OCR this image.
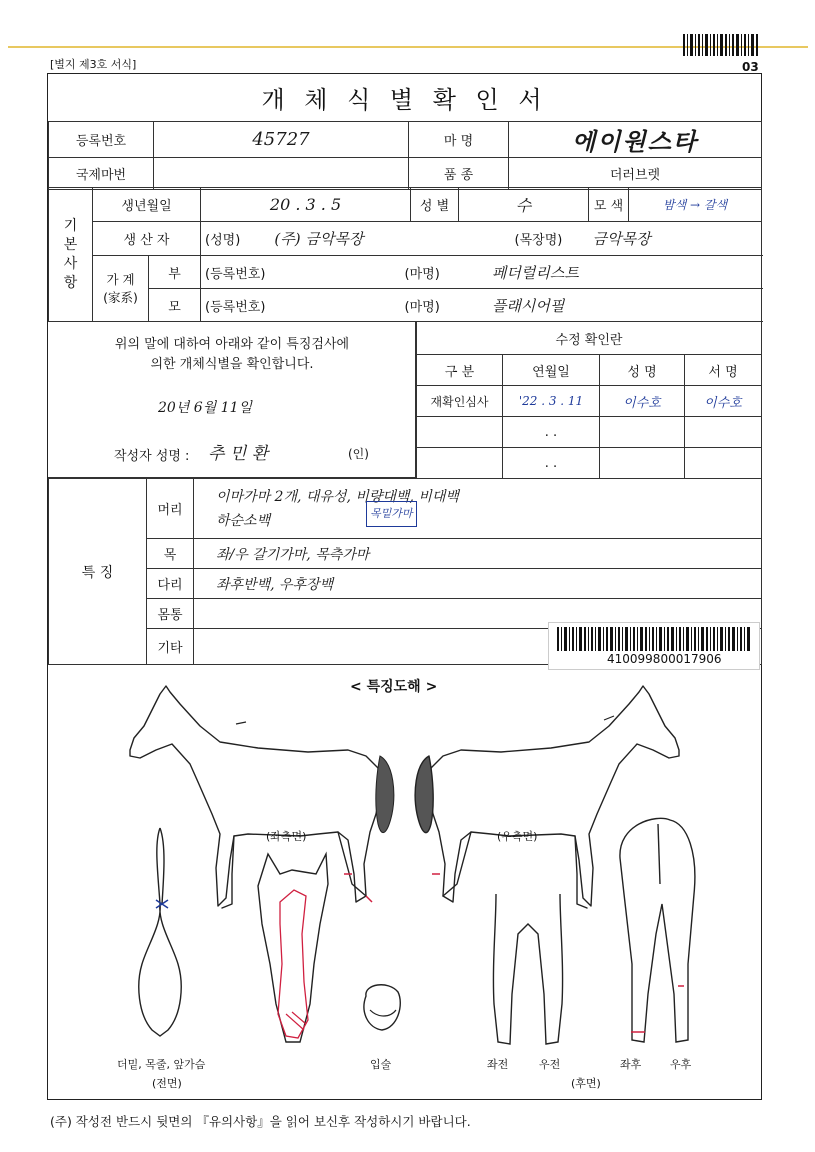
[별지 제3호 서식]	03
개 체 식 별 확 인 서
등록번호	45727	마 명	에이원스타
국제마번		품 종	더러브렛
기
본
사
항	생년월일		20 . 3 . 5	성 별	수	모 색	밤색 → 갈색
	생 산 자		(성명) (주) 금악목장	(목장명) 금악목장			
	가 계
(家系)	부	(등록번호)	(마명) 페더럴리스트			
		모	(등록번호)	(마명) 플래시어필			
위의 말에 대하여 아래와 같이 특징검사에
의한 개체식별을 확인합니다.
20년 6월 11일
작성자 성명 : 추 민 환	(인)
수정 확인란			
구 분	연월일	성 명	서 명
재확인심사	'22 . 3 . 11	이수호	이수호
	. .		
	. .		
특 징	머리	이마가마 2개, 대유성, 비량대백, 비대백
하순소백 목밑가마

	목	좌/우 갈기가마, 목측가마
	다리	좌후반백, 우후장백
	몸통	
	기타	
410099800017906
< 특징도해 >
(좌측면)	(우측면)
더밑, 목줄, 앞가슴
(전면)
입술	좌전	우전	좌후	우후
(후면)
(주) 작성전 반드시 뒷면의 『유의사항』을 읽어 보신후 작성하시기 바랍니다.
